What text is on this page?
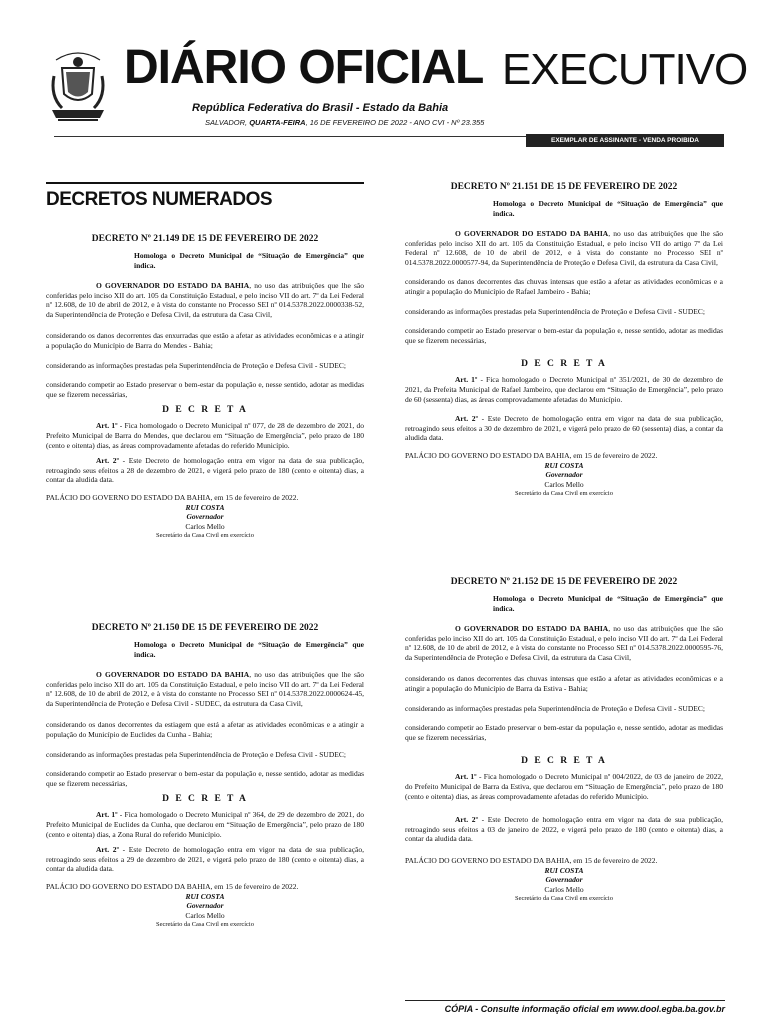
DIÁRIO OFICIAL EXECUTIVO
República Federativa do Brasil - Estado da Bahia
SALVADOR, QUARTA-FEIRA, 16 DE FEVEREIRO DE 2022 - ANO CVI - Nº 23.355
EXEMPLAR DE ASSINANTE - VENDA PROIBIDA
DECRETOS NUMERADOS

DECRETO Nº 21.149 DE 15 DE FEVEREIRO DE 2022

Homologa o Decreto Municipal de “Situação de Emergência” que indica.

O GOVERNADOR DO ESTADO DA BAHIA, no uso das atribuições que lhe são conferidas pelo inciso XII do art. 105 da Constituição Estadual, e pelo inciso VII do art. 7º da Lei Federal nº 12.608, de 10 de abril de 2012, e à vista do constante no Processo SEI nº 014.5378.2022.0000338-52, da Superintendência de Proteção e Defesa Civil, da estrutura da Casa Civil,

considerando os danos decorrentes das enxurradas que estão a afetar as atividades econômicas e a atingir a população do Município de Barra do Mendes - Bahia;

considerando as informações prestadas pela Superintendência de Proteção e Defesa Civil - SUDEC;

considerando competir ao Estado preservar o bem-estar da população e, nesse sentido, adotar as medidas que se fizerem necessárias,

D E C R E T A

Art. 1º - Fica homologado o Decreto Municipal nº 077, de 28 de dezembro de 2021, do Prefeito Municipal de Barra do Mendes, que declarou em “Situação de Emergência”, pelo prazo de 180 (cento e oitenta) dias, as áreas comprovadamente afetadas do referido Município.

Art. 2º - Este Decreto de homologação entra em vigor na data de sua publicação, retroagindo seus efeitos a 28 de dezembro de 2021, e vigerá pelo prazo de 180 (cento e oitenta) dias, a contar da aludida data.

PALÁCIO DO GOVERNO DO ESTADO DA BAHIA, em 15 de fevereiro de 2022.

RUI COSTA

Governador

Carlos Mello

Secretário da Casa Civil em exercício

DECRETO Nº 21.150 DE 15 DE FEVEREIRO DE 2022

Homologa o Decreto Municipal de “Situação de Emergência” que indica.

O GOVERNADOR DO ESTADO DA BAHIA, no uso das atribuições que lhe são conferidas pelo inciso XII do art. 105 da Constituição Estadual, e pelo inciso VII do art. 7º da Lei Federal nº 12.608, de 10 de abril de 2012, e à vista do constante no Processo SEI nº 014.5378.2022.0000624-45, da Superintendência de Proteção e Defesa Civil - SUDEC, da estrutura da Casa Civil,

considerando os danos decorrentes da estiagem que está a afetar as atividades econômicas e a atingir a população do Município de Euclides da Cunha - Bahia;

considerando as informações prestadas pela Superintendência de Proteção e Defesa Civil - SUDEC;

considerando competir ao Estado preservar o bem-estar da população e, nesse sentido, adotar as medidas que se fizerem necessárias,

D E C R E T A

Art. 1º - Fica homologado o Decreto Municipal nº 364, de 29 de dezembro de 2021, do Prefeito Municipal de Euclides da Cunha, que declarou em “Situação de Emergência”, pelo prazo de 180 (cento e oitenta) dias, a Zona Rural do referido Município.

Art. 2º - Este Decreto de homologação entra em vigor na data de sua publicação, retroagindo seus efeitos a 29 de dezembro de 2021, e vigerá pelo prazo de 180 (cento e oitenta) dias, a contar da aludida data.

PALÁCIO DO GOVERNO DO ESTADO DA BAHIA, em 15 de fevereiro de 2022.

RUI COSTA

Governador

Carlos Mello

Secretário da Casa Civil em exercício

DECRETO Nº 21.151 DE 15 DE FEVEREIRO DE 2022

Homologa o Decreto Municipal de “Situação de Emergência” que indica.

O GOVERNADOR DO ESTADO DA BAHIA, no uso das atribuições que lhe são conferidas pelo inciso XII do art. 105 da Constituição Estadual, e pelo inciso VII do artigo 7º da Lei Federal nº 12.608, de 10 de abril de 2012, e à vista do constante no Processo SEI nº 014.5378.2022.0000577-94, da Superintendência de Proteção e Defesa Civil, da estrutura da Casa Civil,

considerando os danos decorrentes das chuvas intensas que estão a afetar as atividades econômicas e a atingir a população do Município de Rafael Jambeiro - Bahia;

considerando as informações prestadas pela Superintendência de Proteção e Defesa Civil - SUDEC;

considerando competir ao Estado preservar o bem-estar da população e, nesse sentido, adotar as medidas que se fizerem necessárias,

D E C R E T A

Art. 1º - Fica homologado o Decreto Municipal nº 351/2021, de 30 de dezembro de 2021, da Prefeita Municipal de Rafael Jambeiro, que declarou em “Situação de Emergência”, pelo prazo de 60 (sessenta) dias, as áreas comprovadamente afetadas do Município.

Art. 2º - Este Decreto de homologação entra em vigor na data de sua publicação, retroagindo seus efeitos a 30 de dezembro de 2021, e vigerá pelo prazo de 60 (sessenta) dias, a contar da aludida data.

PALÁCIO DO GOVERNO DO ESTADO DA BAHIA, em 15 de fevereiro de 2022.

RUI COSTA

Governador

Carlos Mello

Secretário da Casa Civil em exercício

DECRETO Nº 21.152 DE 15 DE FEVEREIRO DE 2022

Homologa o Decreto Municipal de “Situação de Emergência” que indica.

O GOVERNADOR DO ESTADO DA BAHIA, no uso das atribuições que lhe são conferidas pelo inciso XII do art. 105 da Constituição Estadual, e pelo inciso VII do art. 7º da Lei Federal nº 12.608, de 10 de abril de 2012, e à vista do constante no Processo SEI nº 014.5378.2022.0000595-76, da Superintendência de Proteção e Defesa Civil, da estrutura da Casa Civil,

considerando os danos decorrentes das chuvas intensas que estão a afetar as atividades econômicas e a atingir a população do Município de Barra da Estiva - Bahia;

considerando as informações prestadas pela Superintendência de Proteção e Defesa Civil - SUDEC;

considerando competir ao Estado preservar o bem-estar da população e, nesse sentido, adotar as medidas que se fizerem necessárias,

D E C R E T A

Art. 1º - Fica homologado o Decreto Municipal nº 004/2022, de 03 de janeiro de 2022, do Prefeito Municipal de Barra da Estiva, que declarou em “Situação de Emergência”, pelo prazo de 180 (cento e oitenta) dias, as áreas comprovadamente afetadas do referido Município.

Art. 2º - Este Decreto de homologação entra em vigor na data de sua publicação, retroagindo seus efeitos a 03 de janeiro de 2022, e vigerá pelo prazo de 180 (cento e oitenta) dias, a contar da aludida data.

PALÁCIO DO GOVERNO DO ESTADO DA BAHIA, em 15 de fevereiro de 2022.

RUI COSTA

Governador

Carlos Mello

Secretário da Casa Civil em exercício

CÓPIA - Consulte informação oficial em www.dool.egba.ba.gov.br
